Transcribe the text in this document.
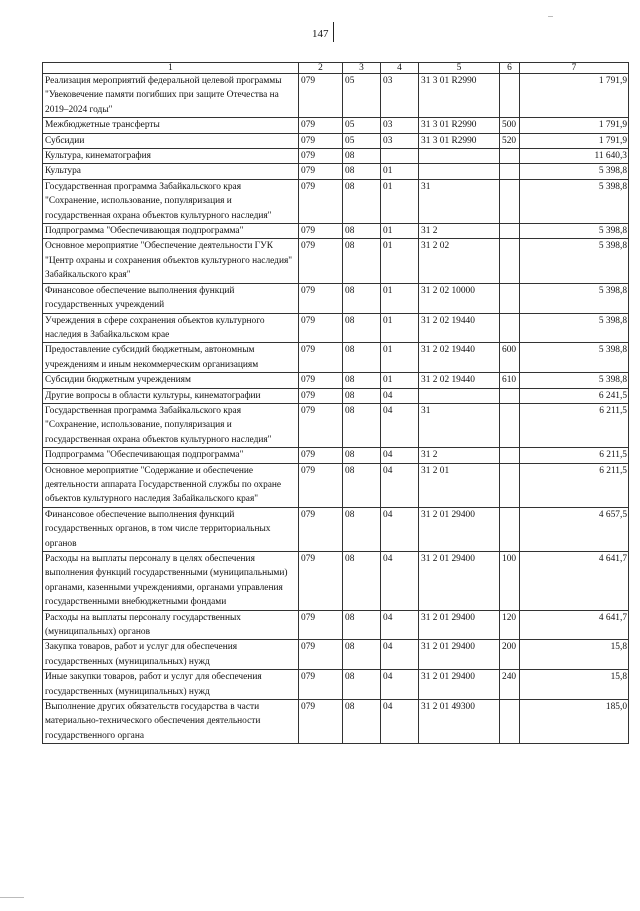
147
1	2	3	4	5	6	7
Реализация мероприятий федеральной целевой программы "Увековечение памяти погибших при защите Отечества на 2019–2024 годы"	079	05	03	31 3 01 R2990		1 791,9
Межбюджетные трансферты	079	05	03	31 3 01 R2990	500	1 791,9
Субсидии	079	05	03	31 3 01 R2990	520	1 791,9
Культура, кинематография	079	08				11 640,3
Культура	079	08	01			5 398,8
Государственная программа Забайкальского края "Сохранение, использование, популяризация и государственная охрана объектов культурного наследия"	079	08	01	31		5 398,8
Подпрограмма "Обеспечивающая подпрограмма"	079	08	01	31 2		5 398,8
Основное мероприятие "Обеспечение деятельности ГУК "Центр охраны и сохранения объектов культурного наследия" Забайкальского края"	079	08	01	31 2 02		5 398,8
Финансовое обеспечение выполнения функций государственных учреждений	079	08	01	31 2 02 10000		5 398,8
Учреждения в сфере сохранения объектов культурного наследия в Забайкальском крае	079	08	01	31 2 02 19440		5 398,8
Предоставление субсидий бюджетным, автономным учреждениям и иным некоммерческим организациям	079	08	01	31 2 02 19440	600	5 398,8
Субсидии бюджетным учреждениям	079	08	01	31 2 02 19440	610	5 398,8
Другие вопросы в области культуры, кинематографии	079	08	04			6 241,5
Государственная программа Забайкальского края "Сохранение, использование, популяризация и государственная охрана объектов культурного наследия"	079	08	04	31		6 211,5
Подпрограмма "Обеспечивающая подпрограмма"	079	08	04	31 2		6 211,5
Основное мероприятие "Содержание и обеспечение деятельности аппарата Государственной службы по охране объектов культурного наследия Забайкальского края"	079	08	04	31 2 01		6 211,5
Финансовое обеспечение выполнения функций государственных органов, в том числе территориальных органов	079	08	04	31 2 01 29400		4 657,5
Расходы на выплаты персоналу в целях обеспечения выполнения функций государственными (муниципальными) органами, казенными учреждениями, органами управления государственными внебюджетными фондами	079	08	04	31 2 01 29400	100	4 641,7
Расходы на выплаты персоналу государственных (муниципальных) органов	079	08	04	31 2 01 29400	120	4 641,7
Закупка товаров, работ и услуг для обеспечения государственных (муниципальных) нужд	079	08	04	31 2 01 29400	200	15,8
Иные закупки товаров, работ и услуг для обеспечения государственных (муниципальных) нужд	079	08	04	31 2 01 29400	240	15,8
Выполнение других обязательств государства в части материально-технического обеспечения деятельности государственного органа	079	08	04	31 2 01 49300		185,0
